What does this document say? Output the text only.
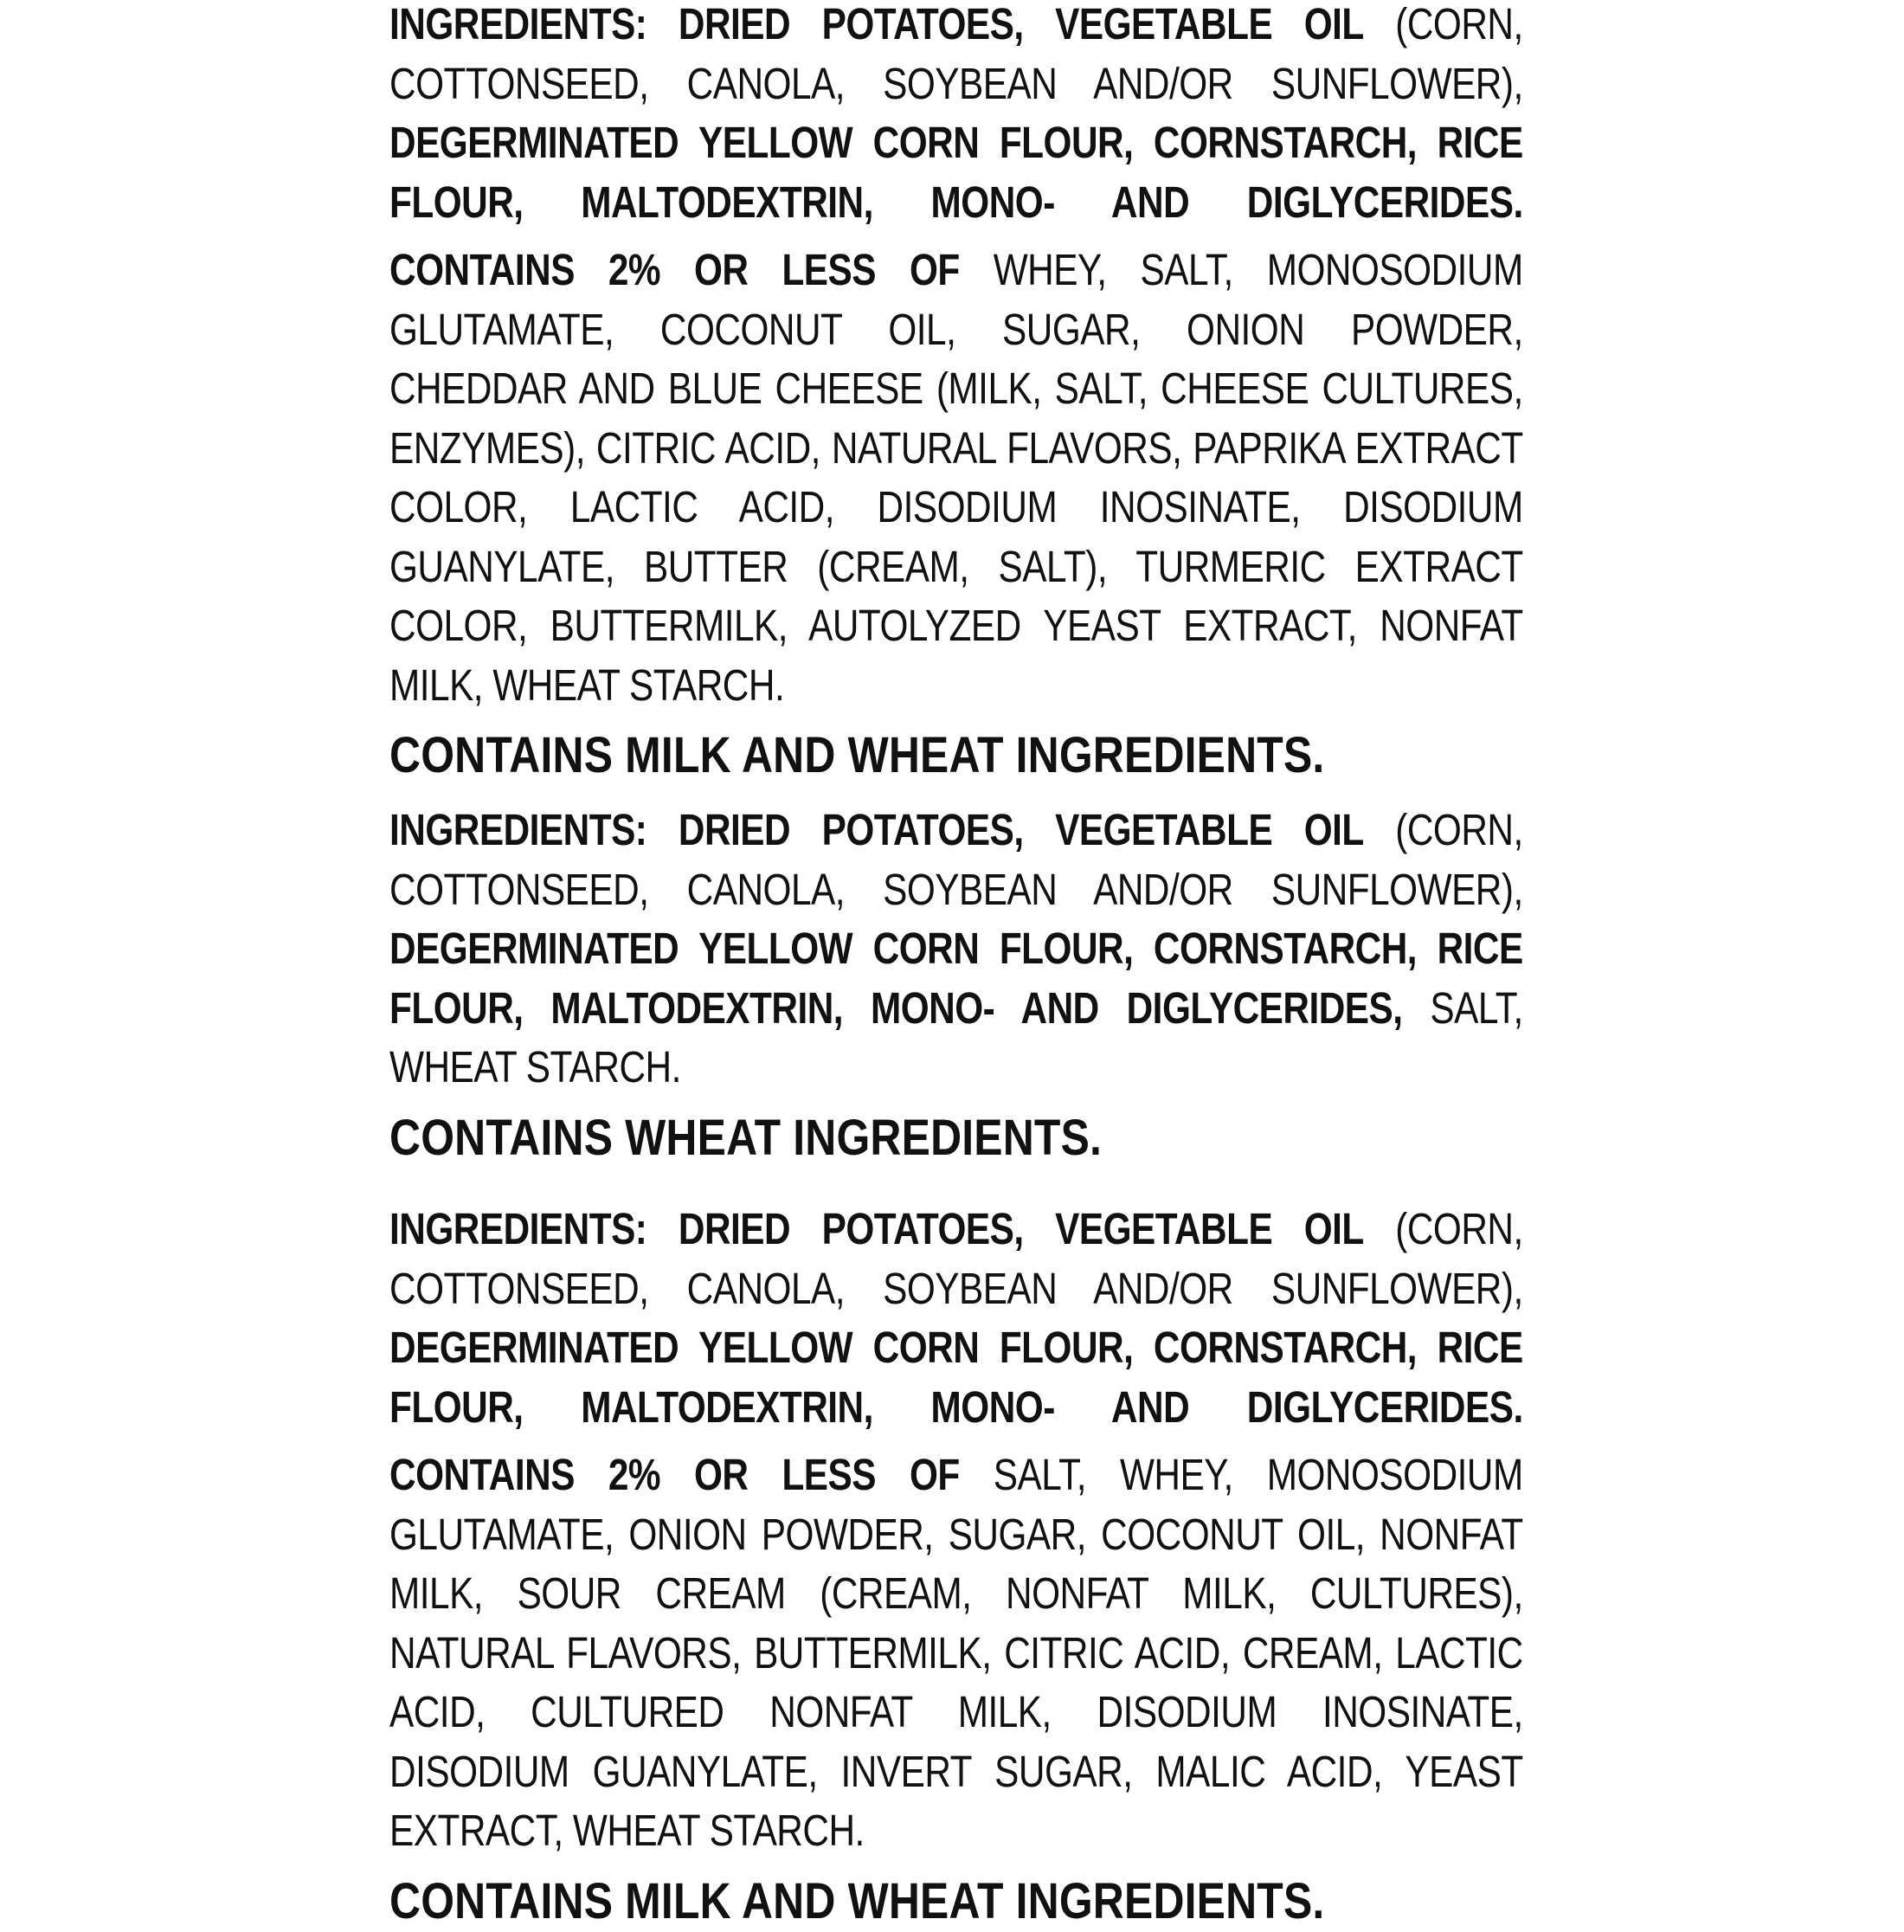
INGREDIENTS: DRIED POTATOES, VEGETABLE OIL (CORN, COTTONSEED, CANOLA, SOYBEAN AND/OR SUNFLOWER), DEGERMINATED YELLOW CORN FLOUR, CORNSTARCH, RICE FLOUR, MALTODEXTRIN, MONO- AND DIGLYCERIDES.

CONTAINS 2% OR LESS OF WHEY, SALT, MONOSODIUM GLUTAMATE, COCONUT OIL, SUGAR, ONION POWDER, CHEDDAR AND BLUE CHEESE (MILK, SALT, CHEESE CULTURES, ENZYMES), CITRIC ACID, NATURAL FLAVORS, PAPRIKA EXTRACT COLOR, LACTIC ACID, DISODIUM INOSINATE, DISODIUM GUANYLATE, BUTTER (CREAM, SALT), TURMERIC EXTRACT COLOR, BUTTERMILK, AUTOLYZED YEAST EXTRACT, NONFAT MILK, WHEAT STARCH.

CONTAINS MILK AND WHEAT INGREDIENTS.

INGREDIENTS: DRIED POTATOES, VEGETABLE OIL (CORN, COTTONSEED, CANOLA, SOYBEAN AND/OR SUNFLOWER), DEGERMINATED YELLOW CORN FLOUR, CORNSTARCH, RICE FLOUR, MALTODEXTRIN, MONO- AND DIGLYCERIDES, SALT, WHEAT STARCH.

CONTAINS WHEAT INGREDIENTS.

INGREDIENTS: DRIED POTATOES, VEGETABLE OIL (CORN, COTTONSEED, CANOLA, SOYBEAN AND/OR SUNFLOWER), DEGERMINATED YELLOW CORN FLOUR, CORNSTARCH, RICE FLOUR, MALTODEXTRIN, MONO- AND DIGLYCERIDES.

CONTAINS 2% OR LESS OF SALT, WHEY, MONOSODIUM GLUTAMATE, ONION POWDER, SUGAR, COCONUT OIL, NONFAT MILK, SOUR CREAM (CREAM, NONFAT MILK, CULTURES), NATURAL FLAVORS, BUTTERMILK, CITRIC ACID, CREAM, LACTIC ACID, CULTURED NONFAT MILK, DISODIUM INOSINATE, DISODIUM GUANYLATE, INVERT SUGAR, MALIC ACID, YEAST EXTRACT, WHEAT STARCH.

CONTAINS MILK AND WHEAT INGREDIENTS.
